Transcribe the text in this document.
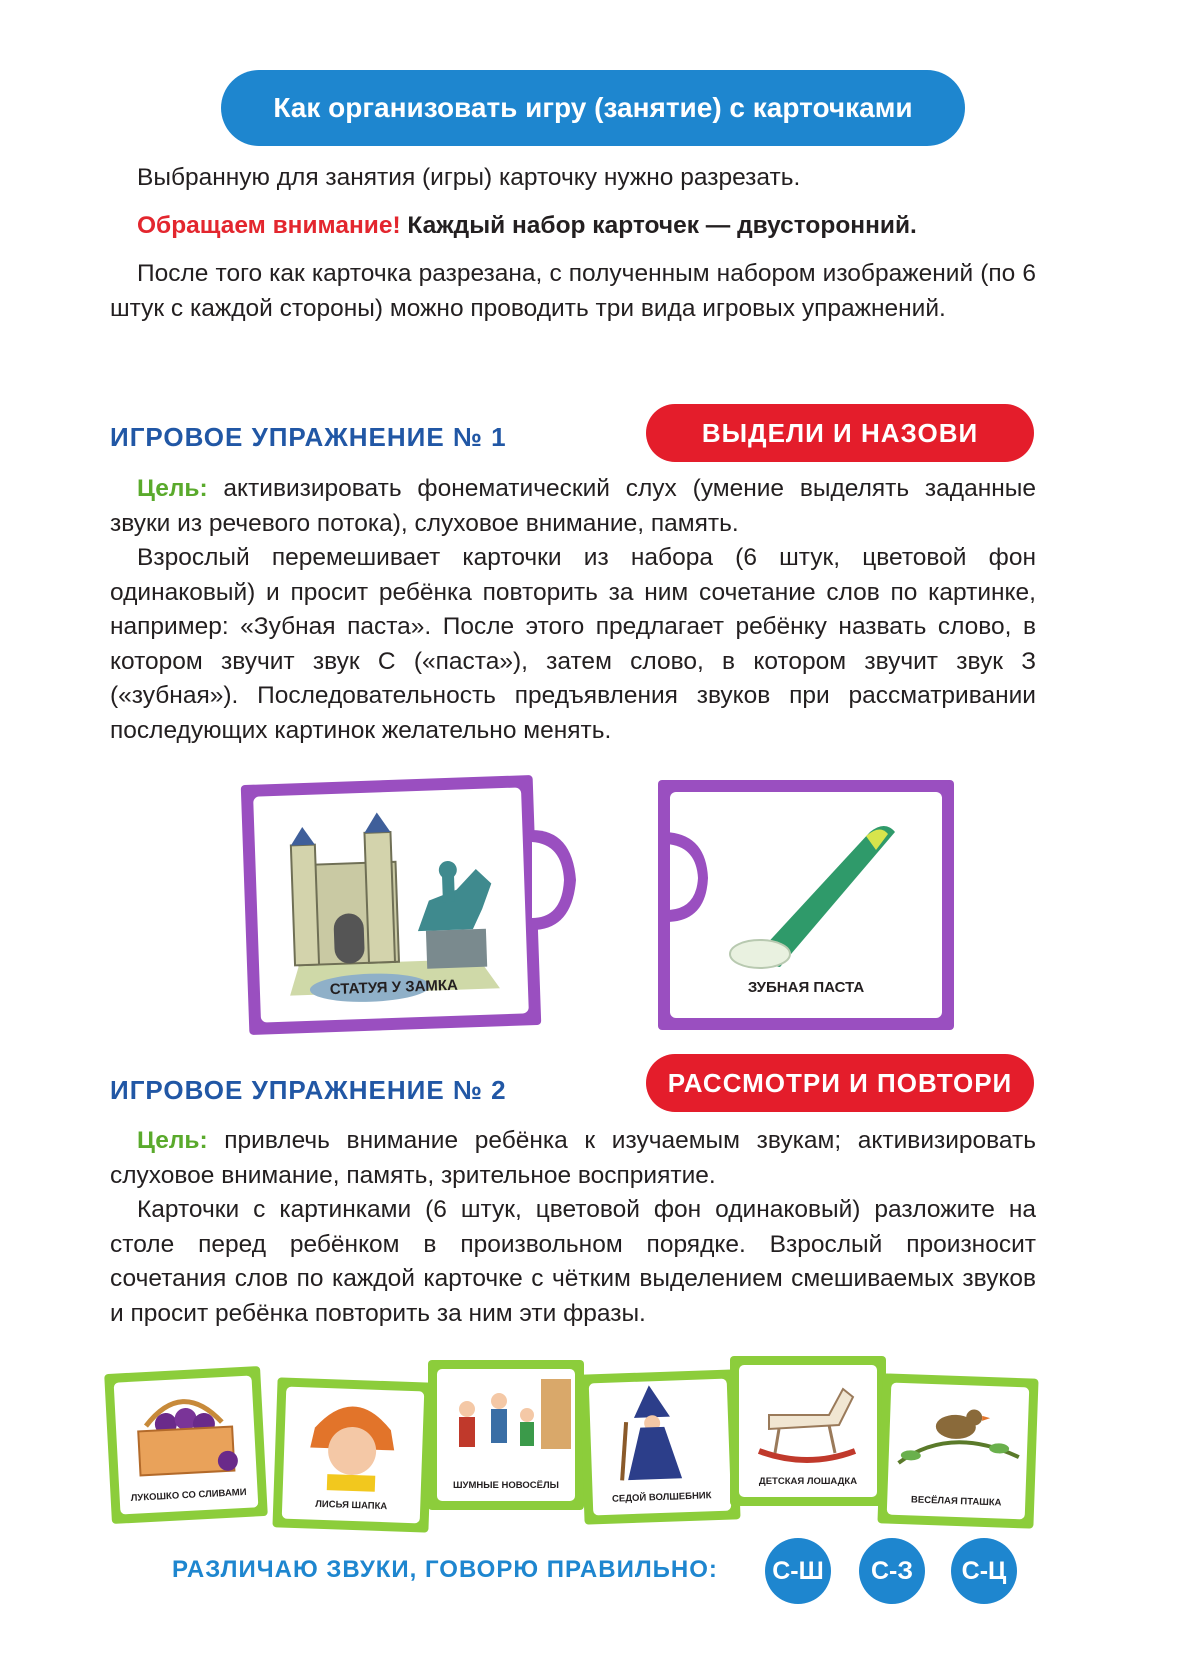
Как организовать игру (занятие) с карточками

Выбранную для занятия (игры) карточку нужно разрезать.

Обращаем внимание! Каждый набор карточек — двусторонний.

После того как карточка разрезана, с полученным набором изображений (по 6 штук с каждой стороны) можно проводить три вида игровых упражнений.

ИГРОВОЕ УПРАЖНЕНИЕ № 1	ВЫДЕЛИ И НАЗОВИ

Цель: активизировать фонематический слух (умение выделять заданные звуки из речевого потока), слуховое внимание, память.

Взрослый перемешивает карточки из набора (6 штук, цветовой фон одинаковый) и просит ребёнка повторить за ним сочетание слов по картинке, например: «Зубная паста». После этого предлагает ребёнку назвать слово, в котором звучит звук С («паста»), затем слово, в котором звучит звук З («зубная»). Последовательность предъявления звуков при рассматривании последующих картинок желательно менять.

СТАТУЯ У ЗАМКА	ЗУБНАЯ ПАСТА
ИГРОВОЕ УПРАЖНЕНИЕ № 2	РАССМОТРИ И ПОВТОРИ

Цель: привлечь внимание ребёнка к изучаемым звукам; активизировать слуховое внимание, память, зрительное восприятие.

Карточки с картинками (6 штук, цветовой фон одинаковый) разложите на столе перед ребёнком в произвольном порядке. Взрослый произносит сочетания слов по каждой карточке с чётким выделением смешиваемых звуков и просит ребёнка повторить за ним эти фразы.

ЛУКОШКО СО СЛИВАМИ
ЛИСЬЯ ШАПКА
ШУМНЫЕ НОВОСЁЛЫ
СЕДОЙ ВОЛШЕБНИК
ДЕТСКАЯ ЛОШАДКА
ВЕСЁЛАЯ ПТАШКА
РАЗЛИЧАЮ ЗВУКИ, ГОВОРЮ ПРАВИЛЬНО: С-Ш	С-З	С-Ц
